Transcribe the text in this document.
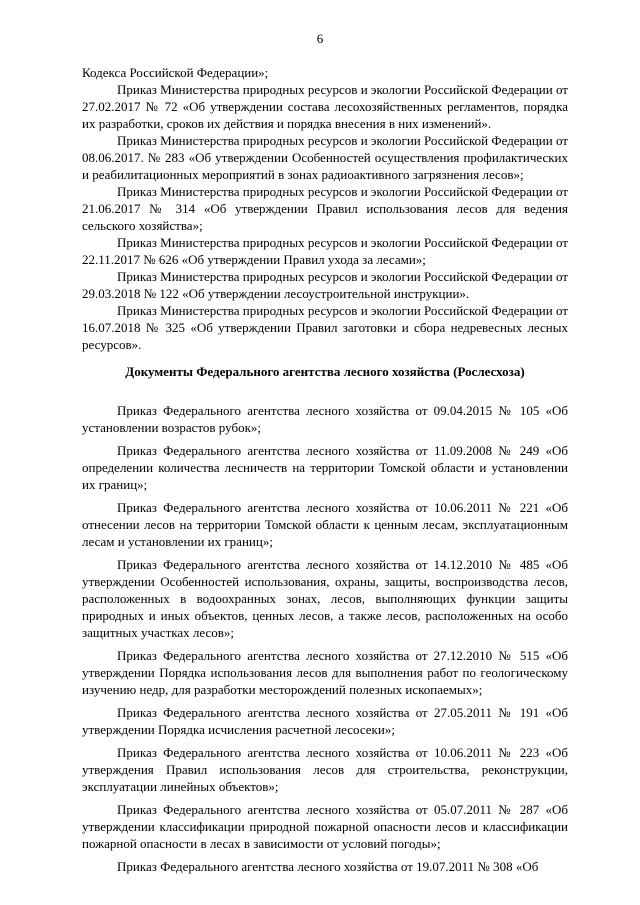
6

Кодекса Российской Федерации»;

Приказ Министерства природных ресурсов и экологии Российской Федерации от 27.02.2017 № 72 «Об утверждении состава лесохозяйственных регламентов, порядка их разработки, сроков их действия и порядка внесения в них изменений».

Приказ Министерства природных ресурсов и экологии Российской Федерации от 08.06.2017. № 283 «Об утверждении Особенностей осуществления профилактических и реабилитационных мероприятий в зонах радиоактивного загрязнения лесов»;

Приказ Министерства природных ресурсов и экологии Российской Федерации от 21.06.2017 № 314 «Об утверждении Правил использования лесов для ведения сельского хозяйства»;

Приказ Министерства природных ресурсов и экологии Российской Федерации от 22.11.2017 № 626 «Об утверждении Правил ухода за лесами»;

Приказ Министерства природных ресурсов и экологии Российской Федерации от 29.03.2018 № 122 «Об утверждении лесоустроительной инструкции».

Приказ Министерства природных ресурсов и экологии Российской Федерации от 16.07.2018 № 325 «Об утверждении Правил заготовки и сбора недревесных лесных ресурсов».

Документы Федерального агентства лесного хозяйства (Рослесхоза)

Приказ Федерального агентства лесного хозяйства от 09.04.2015 № 105 «Об установлении возрастов рубок»;

Приказ Федерального агентства лесного хозяйства от 11.09.2008 № 249 «Об определении количества лесничеств на территории Томской области и установлении их границ»;

Приказ Федерального агентства лесного хозяйства от 10.06.2011 № 221 «Об отнесении лесов на территории Томской области к ценным лесам, эксплуатационным лесам и установлении их границ»;

Приказ Федерального агентства лесного хозяйства от 14.12.2010 № 485 «Об утверждении Особенностей использования, охраны, защиты, воспроизводства лесов, расположенных в водоохранных зонах, лесов, выполняющих функции защиты природных и иных объектов, ценных лесов, а также лесов, расположенных на особо защитных участках лесов»;

Приказ Федерального агентства лесного хозяйства от 27.12.2010 № 515 «Об утверждении Порядка использования лесов для выполнения работ по геологическому изучению недр, для разработки месторождений полезных ископаемых»;

Приказ Федерального агентства лесного хозяйства от 27.05.2011 № 191 «Об утверждении Порядка исчисления расчетной лесосеки»;

Приказ Федерального агентства лесного хозяйства от 10.06.2011 № 223 «Об утверждения Правил использования лесов для строительства, реконструкции, эксплуатации линейных объектов»;

Приказ Федерального агентства лесного хозяйства от 05.07.2011 № 287 «Об утверждении классификации природной пожарной опасности лесов и классификации пожарной опасности в лесах в зависимости от условий погоды»;

Приказ Федерального агентства лесного хозяйства от 19.07.2011 № 308 «Об
